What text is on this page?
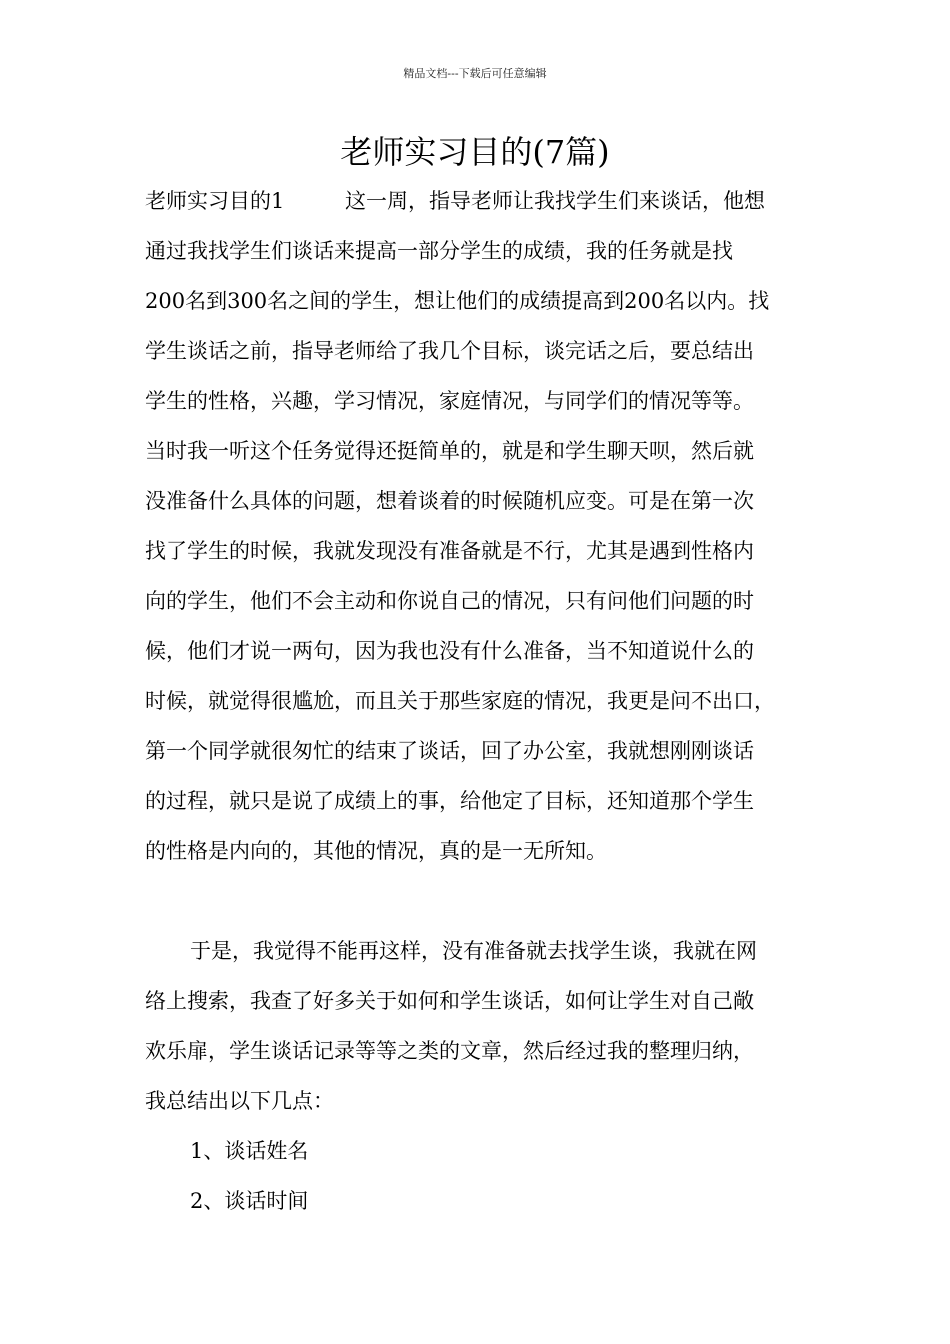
精品文档---下载后可任意编辑
老师实习目的(7篇)
老师实习目的1	这一周，指导老师让我找学生们来谈话，他想
通过我找学生们谈话来提高一部分学生的成绩，我的任务就是找
200名到300名之间的学生，想让他们的成绩提高到200名以内。找
学生谈话之前，指导老师给了我几个目标，谈完话之后，要总结出
学生的性格，兴趣，学习情况，家庭情况，与同学们的情况等等。
当时我一听这个任务觉得还挺简单的，就是和学生聊天呗，然后就
没准备什么具体的问题，想着谈着的时候随机应变。可是在第一次
找了学生的时候，我就发现没有准备就是不行，尤其是遇到性格内
向的学生，他们不会主动和你说自己的情况，只有问他们问题的时
候，他们才说一两句，因为我也没有什么准备，当不知道说什么的
时候，就觉得很尴尬，而且关于那些家庭的情况，我更是问不出口，
第一个同学就很匆忙的结束了谈话，回了办公室，我就想刚刚谈话
的过程，就只是说了成绩上的事，给他定了目标，还知道那个学生
的性格是内向的，其他的情况，真的是一无所知。
于是，我觉得不能再这样，没有准备就去找学生谈，我就在网
络上搜索，我查了好多关于如何和学生谈话，如何让学生对自己敞
欢乐扉，学生谈话记录等等之类的文章，然后经过我的整理归纳，
我总结出以下几点：
1、谈话姓名
2、谈话时间
